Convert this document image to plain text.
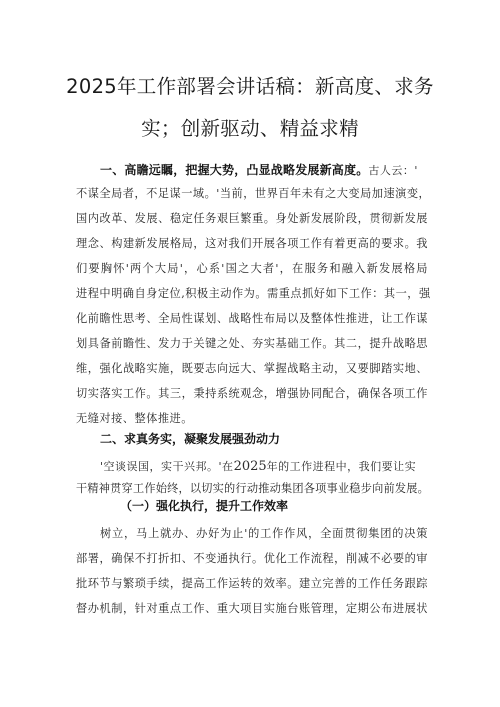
2025年工作部署会讲话稿：新高度、求务
实；创新驱动、精益求精
一、高瞻远瞩，把握大势，凸显战略发展新高度。古人云：'
不谋全局者，不足谋一域。'当前，世界百年未有之大变局加速演变，
国内改革、发展、稳定任务艰巨繁重。身处新发展阶段，贯彻新发展
理念、构建新发展格局，这对我们开展各项工作有着更高的要求。我
们要胸怀'两个大局'，心系'国之大者'，在服务和融入新发展格局
进程中明确自身定位,积极主动作为。需重点抓好如下工作：其一，强
化前瞻性思考、全局性谋划、战略性布局以及整体性推进，让工作谋
划具备前瞻性、发力于关键之处、夯实基础工作。其二，提升战略思
维，强化战略实施，既要志向远大、掌握战略主动，又要脚踏实地、
切实落实工作。其三，秉持系统观念，增强协同配合，确保各项工作
无缝对接、整体推进。
二、求真务实，凝聚发展强劲动力
'空谈误国，实干兴邦。'在2025年的工作进程中，我们要让实
干精神贯穿工作始终，以切实的行动推动集团各项事业稳步向前发展。
（一）强化执行，提升工作效率
树立，马上就办、办好为止'的工作作风，全面贯彻集团的决策
部署，确保不打折扣、不变通执行。优化工作流程，削减不必要的审
批环节与繁琐手续，提高工作运转的效率。建立完善的工作任务跟踪
督办机制，针对重点工作、重大项目实施台账管理，定期公布进展状
